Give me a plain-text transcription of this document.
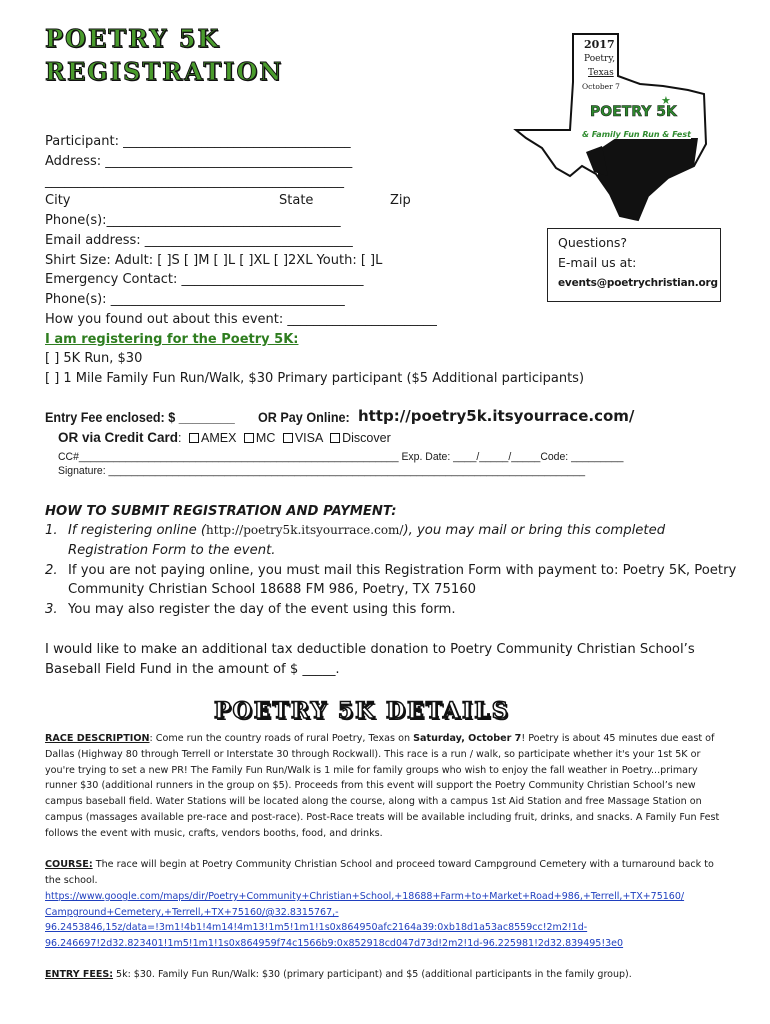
POETRY 5K
REGISTRATION
2017
Poetry,
Texas
October 7
POETRY 5K
★
& Family Fun Run & Fest
Participant: ___________________________________
Address: ______________________________________
______________________________________________
City	State	Zip
Phone(s):____________________________________
Email address: ________________________________
Shirt Size: Adult: [ ]S [ ]M [ ]L [ ]XL [ ]2XL Youth: [ ]L
Emergency Contact: ____________________________
Phone(s): ____________________________________
How you found out about this event: _______________________
I am registering for the Poetry 5K:
[ ] 5K Run, $30
[ ] 1 Mile Family Fun Run/Walk, $30 Primary participant ($5 Additional participants)
Questions?
E-mail us at:
events@poetrychristian.org
Entry Fee enclosed: $ ________ OR Pay Online: http://poetry5k.itsyourrace.com/
OR via Credit Card: AMEX MC VISA Discover
CC#_______________________________________________________ Exp. Date: ____/_____/_____Code: _________
Signature: __________________________________________________________________________________
HOW TO SUBMIT REGISTRATION AND PAYMENT:
1. If registering online (http://poetry5k.itsyourrace.com/), you may mail or bring this completed
Registration Form to the event.
2. If you are not paying online, you must mail this Registration Form with payment to: Poetry 5K, Poetry
Community Christian School 18688 FM 986, Poetry, TX 75160
3. You may also register the day of the event using this form.
I would like to make an additional tax deductible donation to Poetry Community Christian School’s
Baseball Field Fund in the amount of $ _____.
POETRY 5K DETAILS
RACE DESCRIPTION: Come run the country roads of rural Poetry, Texas on Saturday, October 7! Poetry is about 45 minutes due east of Dallas (Highway 80 through Terrell or Interstate 30 through Rockwall). This race is a run / walk, so participate whether it's your 1st 5K or you're trying to set a new PR! The Family Fun Run/Walk is 1 mile for family groups who wish to enjoy the fall weather in Poetry...primary runner $30 (additional runners in the group on $5). Proceeds from this event will support the Poetry Community Christian School’s new campus baseball field. Water Stations will be located along the course, along with a campus 1st Aid Station and free Massage Station on campus (massages available pre-race and post-race). Post-Race treats will be available including fruit, drinks, and snacks. A Family Fun Fest follows the event with music, crafts, vendors booths, food, and drinks.
COURSE: The race will begin at Poetry Community Christian School and proceed toward Campground Cemetery with a turnaround back to the school.
https://www.google.com/maps/dir/Poetry+Community+Christian+School,+18688+Farm+to+Market+Road+986,+Terrell,+TX+75160/
Campground+Cemetery,+Terrell,+TX+75160/@32.8315767,-
96.2453846,15z/data=!3m1!4b1!4m14!4m13!1m5!1m1!1s0x864950afc2164a39:0xb18d1a53ac8559cc!2m2!1d-
96.246697!2d32.823401!1m5!1m1!1s0x864959f74c1566b9:0x852918cd047d73d!2m2!1d-96.225981!2d32.839495!3e0
ENTRY FEES: 5k: $30. Family Fun Run/Walk: $30 (primary participant) and $5 (additional participants in the family group).
